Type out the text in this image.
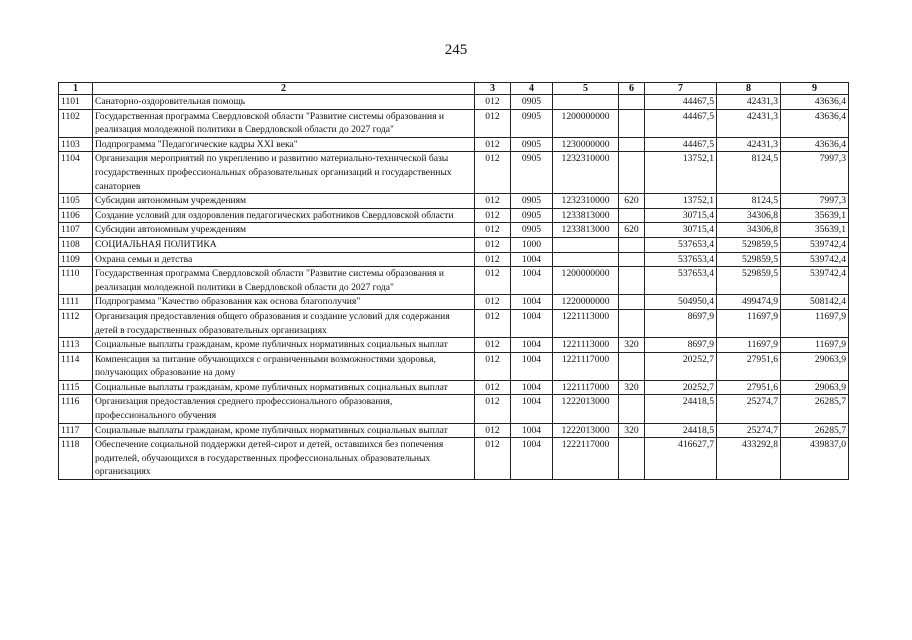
245
1	2	3	4	5	6	7	8	9
1101	Санаторно-оздоровительная помощь	012	0905			44467,5	42431,3	43636,4
1102	Государственная программа Свердловской области "Развитие системы образования и реализация молодежной политики в Свердловской области до 2027 года"	012	0905	1200000000		44467,5	42431,3	43636,4
1103	Подпрограмма "Педагогические кадры XXI века"	012	0905	1230000000		44467,5	42431,3	43636,4
1104	Организация мероприятий по укреплению и развитию материально-технической базы государственных профессиональных образовательных организаций и государственных санаториев	012	0905	1232310000		13752,1	8124,5	7997,3
1105	Субсидии автономным учреждениям	012	0905	1232310000	620	13752,1	8124,5	7997,3
1106	Создание условий для оздоровления педагогических работников Свердловской области	012	0905	1233813000		30715,4	34306,8	35639,1
1107	Субсидии автономным учреждениям	012	0905	1233813000	620	30715,4	34306,8	35639,1
1108	СОЦИАЛЬНАЯ ПОЛИТИКА	012	1000			537653,4	529859,5	539742,4
1109	Охрана семьи и детства	012	1004			537653,4	529859,5	539742,4
1110	Государственная программа Свердловской области "Развитие системы образования и реализация молодежной политики в Свердловской области до 2027 года"	012	1004	1200000000		537653,4	529859,5	539742,4
1111	Подпрограмма "Качество образования как основа благополучия"	012	1004	1220000000		504950,4	499474,9	508142,4
1112	Организация предоставления общего образования и создание условий для содержания детей в государственных образовательных организациях	012	1004	1221113000		8697,9	11697,9	11697,9
1113	Социальные выплаты гражданам, кроме публичных нормативных социальных выплат	012	1004	1221113000	320	8697,9	11697,9	11697,9
1114	Компенсация за питание обучающихся с ограниченными возможностями здоровья, получающих образование на дому	012	1004	1221117000		20252,7	27951,6	29063,9
1115	Социальные выплаты гражданам, кроме публичных нормативных социальных выплат	012	1004	1221117000	320	20252,7	27951,6	29063,9
1116	Организация предоставления среднего профессионального образования, профессионального обучения	012	1004	1222013000		24418,5	25274,7	26285,7
1117	Социальные выплаты гражданам, кроме публичных нормативных социальных выплат	012	1004	1222013000	320	24418,5	25274,7	26285,7
1118	Обеспечение социальной поддержки детей-сирот и детей, оставшихся без попечения родителей, обучающихся в государственных профессиональных образовательных организациях	012	1004	1222117000		416627,7	433292,8	439837,0
